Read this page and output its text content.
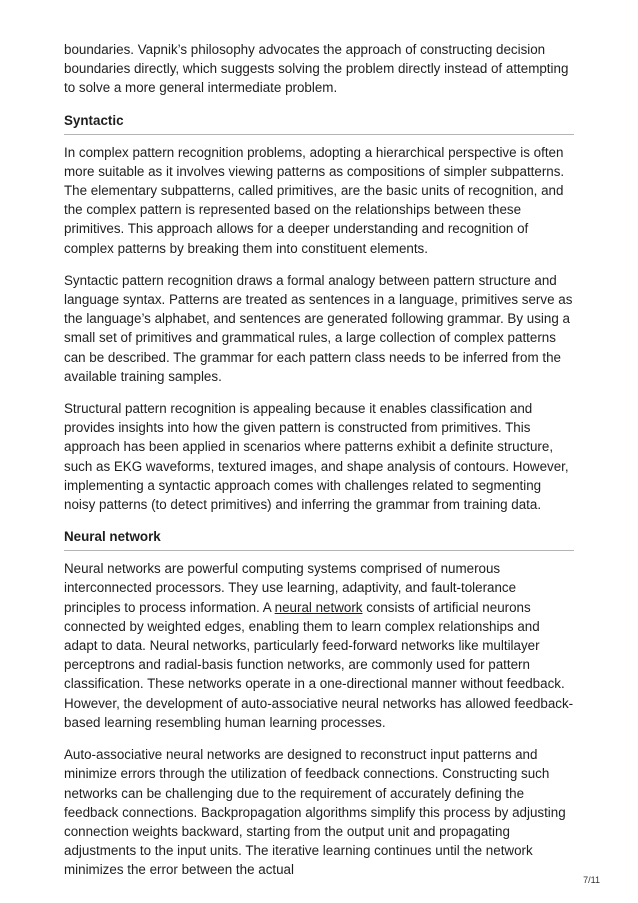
boundaries. Vapnik’s philosophy advocates the approach of constructing decision boundaries directly, which suggests solving the problem directly instead of attempting to solve a more general intermediate problem.

Syntactic

In complex pattern recognition problems, adopting a hierarchical perspective is often more suitable as it involves viewing patterns as compositions of simpler subpatterns. The elementary subpatterns, called primitives, are the basic units of recognition, and the complex pattern is represented based on the relationships between these primitives. This approach allows for a deeper understanding and recognition of complex patterns by breaking them into constituent elements.

Syntactic pattern recognition draws a formal analogy between pattern structure and language syntax. Patterns are treated as sentences in a language, primitives serve as the language’s alphabet, and sentences are generated following grammar. By using a small set of primitives and grammatical rules, a large collection of complex patterns can be described. The grammar for each pattern class needs to be inferred from the available training samples.

Structural pattern recognition is appealing because it enables classification and provides insights into how the given pattern is constructed from primitives. This approach has been applied in scenarios where patterns exhibit a definite structure, such as EKG waveforms, textured images, and shape analysis of contours. However, implementing a syntactic approach comes with challenges related to segmenting noisy patterns (to detect primitives) and inferring the grammar from training data.

Neural network

Neural networks are powerful computing systems comprised of numerous interconnected processors. They use learning, adaptivity, and fault-tolerance principles to process information. A neural network consists of artificial neurons connected by weighted edges, enabling them to learn complex relationships and adapt to data. Neural networks, particularly feed-forward networks like multilayer perceptrons and radial-basis function networks, are commonly used for pattern classification. These networks operate in a one-directional manner without feedback. However, the development of auto-associative neural networks has allowed feedback-based learning resembling human learning processes.

Auto-associative neural networks are designed to reconstruct input patterns and minimize errors through the utilization of feedback connections. Constructing such networks can be challenging due to the requirement of accurately defining the feedback connections. Backpropagation algorithms simplify this process by adjusting connection weights backward, starting from the output unit and propagating adjustments to the input units. The iterative learning continues until the network minimizes the error between the actual

7/11
